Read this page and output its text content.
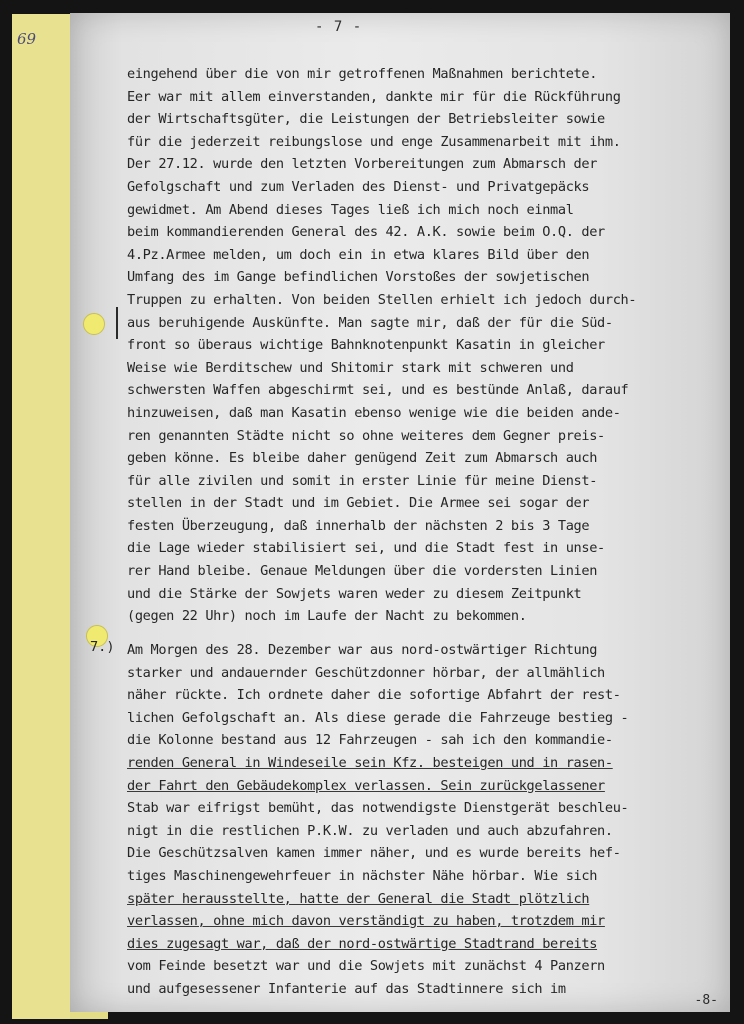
69
- 7 -
eingehend über die von mir getroffenen Maßnahmen berichtete.
Eer war mit allem einverstanden, dankte mir für die Rückführung
der Wirtschaftsgüter, die Leistungen der Betriebsleiter sowie
für die jederzeit reibungslose und enge Zusammenarbeit mit ihm.
Der 27.12. wurde den letzten Vorbereitungen zum Abmarsch der
Gefolgschaft und zum Verladen des Dienst- und Privatgepäcks
gewidmet. Am Abend dieses Tages ließ ich mich noch einmal
beim kommandierenden General des 42. A.K. sowie beim O.Q. der
4.Pz.Armee melden, um doch ein in etwa klares Bild über den
Umfang des im Gange befindlichen Vorstoßes der sowjetischen
Truppen zu erhalten. Von beiden Stellen erhielt ich jedoch durch-
aus beruhigende Auskünfte. Man sagte mir, daß der für die Süd-
front so überaus wichtige Bahnknotenpunkt Kasatin in gleicher
Weise wie Berditschew und Shitomir stark mit schweren und
schwersten Waffen abgeschirmt sei, und es bestünde Anlaß, darauf
hinzuweisen, daß man Kasatin ebenso wenige wie die beiden ande-
ren genannten Städte nicht so ohne weiteres dem Gegner preis-
geben könne. Es bleibe daher genügend Zeit zum Abmarsch auch
für alle zivilen und somit in erster Linie für meine Dienst-
stellen in der Stadt und im Gebiet. Die Armee sei sogar der
festen Überzeugung, daß innerhalb der nächsten 2 bis 3 Tage
die Lage wieder stabilisiert sei, und die Stadt fest in unse-
rer Hand bleibe. Genaue Meldungen über die vordersten Linien
und die Stärke der Sowjets waren weder zu diesem Zeitpunkt
(gegen 22 Uhr) noch im Laufe der Nacht zu bekommen.
7.) Am Morgen des 28. Dezember war aus nord-ostwärtiger Richtung
starker und andauernder Geschützdonner hörbar, der allmählich
näher rückte. Ich ordnete daher die sofortige Abfahrt der rest-
lichen Gefolgschaft an. Als diese gerade die Fahrzeuge bestieg -
die Kolonne bestand aus 12 Fahrzeugen - sah ich den kommandie-
renden General in Windeseile sein Kfz. besteigen und in rasen-
der Fahrt den Gebäudekomplex verlassen. Sein zurückgelassener
Stab war eifrigst bemüht, das notwendigste Dienstgerät beschleu-
nigt in die restlichen P.K.W. zu verladen und auch abzufahren.
Die Geschützsalven kamen immer näher, und es wurde bereits hef-
tiges Maschinengewehrfeuer in nächster Nähe hörbar. Wie sich
später herausstellte, hatte der General die Stadt plötzlich
verlassen, ohne mich davon verständigt zu haben, trotzdem mir
dies zugesagt war, daß der nord-ostwärtige Stadtrand bereits
vom Feinde besetzt war und die Sowjets mit zunächst 4 Panzern
und aufgesessener Infanterie auf das Stadtinnere sich im
-8-
